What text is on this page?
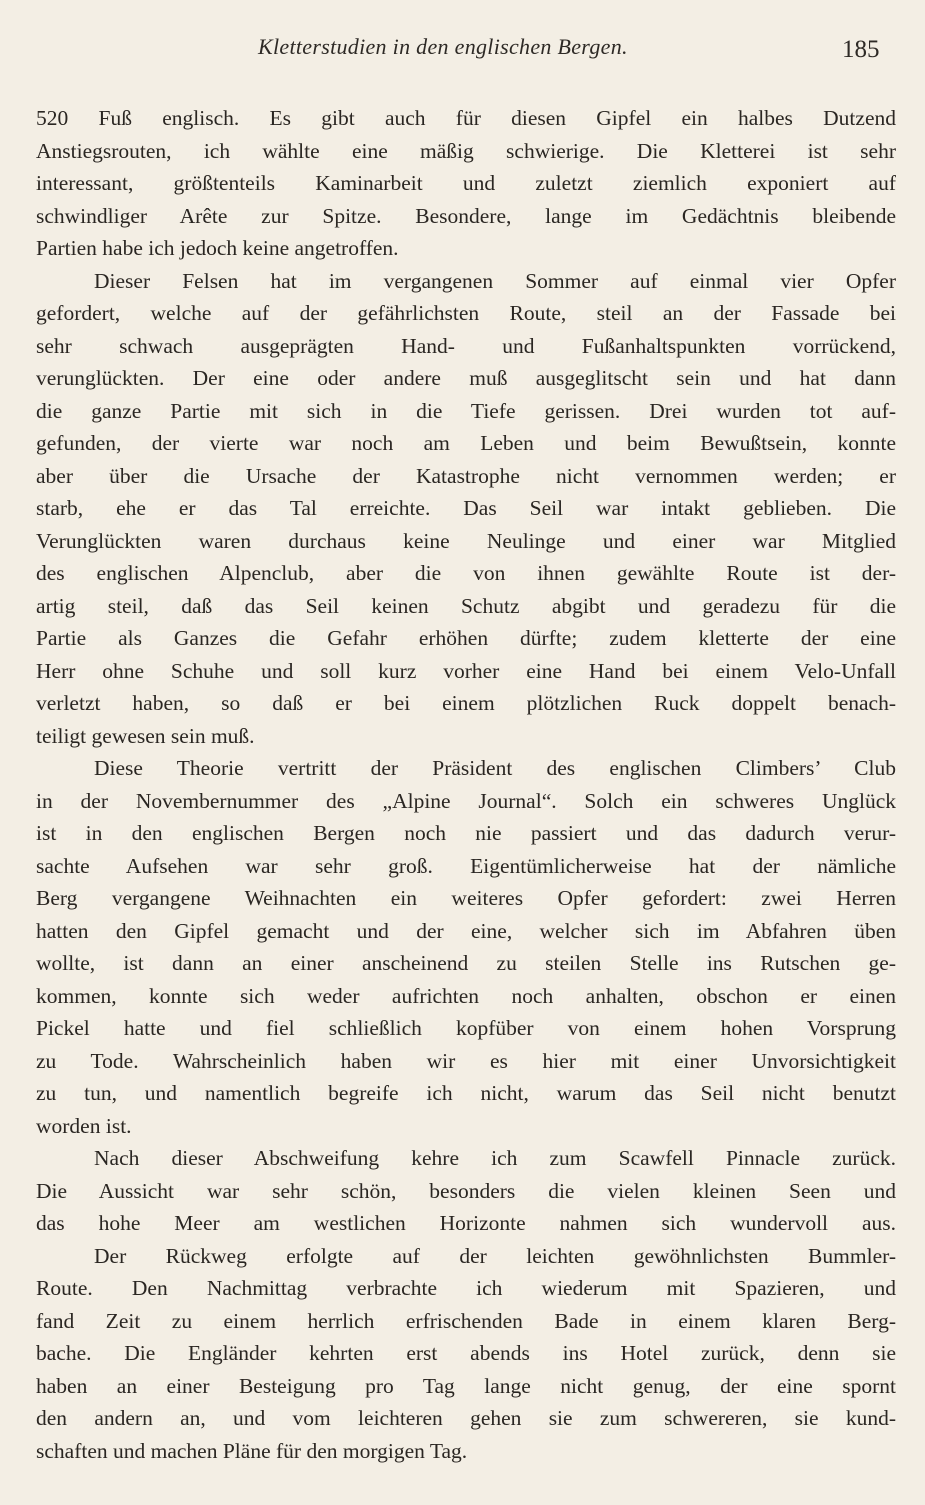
Kletterstudien in den englischen Bergen.	185
520 Fuß englisch. Es gibt auch für diesen Gipfel ein halbes Dutzend
Anstiegsrouten, ich wählte eine mäßig schwierige. Die Kletterei ist sehr
interessant, größtenteils Kaminarbeit und zuletzt ziemlich exponiert auf
schwindliger Arête zur Spitze. Besondere, lange im Gedächtnis bleibende
Partien habe ich jedoch keine angetroffen.
Dieser Felsen hat im vergangenen Sommer auf einmal vier Opfer
gefordert, welche auf der gefährlichsten Route, steil an der Fassade bei
sehr schwach ausgeprägten Hand- und Fußanhaltspunkten vorrückend,
verunglückten. Der eine oder andere muß ausgeglitscht sein und hat dann
die ganze Partie mit sich in die Tiefe gerissen. Drei wurden tot auf-
gefunden, der vierte war noch am Leben und beim Bewußtsein, konnte
aber über die Ursache der Katastrophe nicht vernommen werden; er
starb, ehe er das Tal erreichte. Das Seil war intakt geblieben. Die
Verunglückten waren durchaus keine Neulinge und einer war Mitglied
des englischen Alpenclub, aber die von ihnen gewählte Route ist der-
artig steil, daß das Seil keinen Schutz abgibt und geradezu für die
Partie als Ganzes die Gefahr erhöhen dürfte; zudem kletterte der eine
Herr ohne Schuhe und soll kurz vorher eine Hand bei einem Velo-Unfall
verletzt haben, so daß er bei einem plötzlichen Ruck doppelt benach-
teiligt gewesen sein muß.
Diese Theorie vertritt der Präsident des englischen Climbers’ Club
in der Novembernummer des „Alpine Journal“. Solch ein schweres Unglück
ist in den englischen Bergen noch nie passiert und das dadurch verur-
sachte Aufsehen war sehr groß. Eigentümlicherweise hat der nämliche
Berg vergangene Weihnachten ein weiteres Opfer gefordert: zwei Herren
hatten den Gipfel gemacht und der eine, welcher sich im Abfahren üben
wollte, ist dann an einer anscheinend zu steilen Stelle ins Rutschen ge-
kommen, konnte sich weder aufrichten noch anhalten, obschon er einen
Pickel hatte und fiel schließlich kopfüber von einem hohen Vorsprung
zu Tode. Wahrscheinlich haben wir es hier mit einer Unvorsichtigkeit
zu tun, und namentlich begreife ich nicht, warum das Seil nicht benutzt
worden ist.
Nach dieser Abschweifung kehre ich zum Scawfell Pinnacle zurück.
Die Aussicht war sehr schön, besonders die vielen kleinen Seen und
das hohe Meer am westlichen Horizonte nahmen sich wundervoll aus.
Der Rückweg erfolgte auf der leichten gewöhnlichsten Bummler-
Route. Den Nachmittag verbrachte ich wiederum mit Spazieren, und
fand Zeit zu einem herrlich erfrischenden Bade in einem klaren Berg-
bache. Die Engländer kehrten erst abends ins Hotel zurück, denn sie
haben an einer Besteigung pro Tag lange nicht genug, der eine spornt
den andern an, und vom leichteren gehen sie zum schwereren, sie kund-
schaften und machen Pläne für den morgigen Tag.
